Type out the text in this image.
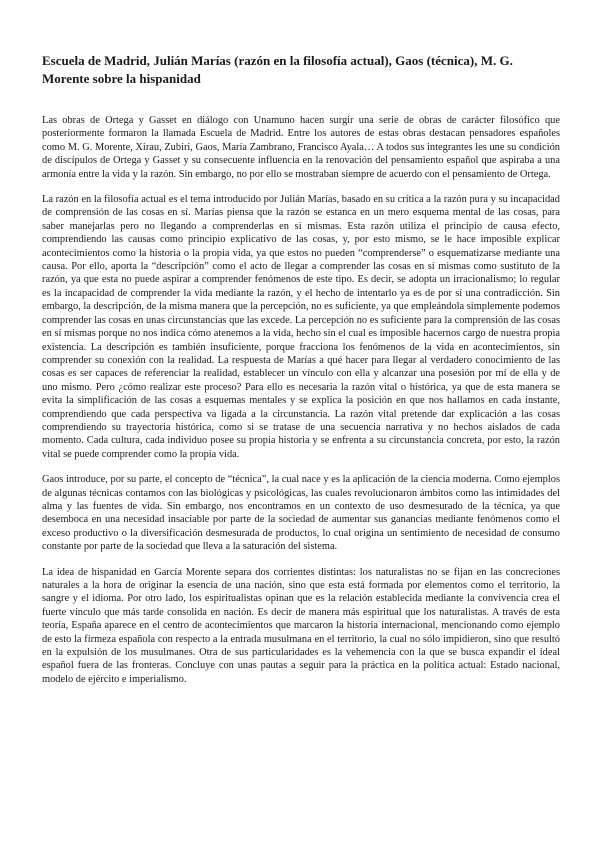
Escuela de Madrid, Julián Marías (razón en la filosofía actual), Gaos (técnica), M. G. Morente sobre la hispanidad

Las obras de Ortega y Gasset en diálogo con Unamuno hacen surgir una serie de obras de carácter filosófico que posteriormente formaron la llamada Escuela de Madrid. Entre los autores de estas obras destacan pensadores españoles como M. G. Morente, Xirau, Zubiri, Gaos, María Zambrano, Francisco Ayala… A todos sus integrantes les une su condición de discípulos de Ortega y Gasset y su consecuente influencia en la renovación del pensamiento español que aspiraba a una armonía entre la vida y la razón. Sin embargo, no por ello se mostraban siempre de acuerdo con el pensamiento de Ortega.

La razón en la filosofía actual es el tema introducido por Julián Marías, basado en su crítica a la razón pura y su incapacidad de comprensión de las cosas en sí. Marías piensa que la razón se estanca en un mero esquema mental de las cosas, para saber manejarlas pero no llegando a comprenderlas en sí mismas. Esta razón utiliza el principio de causa efecto, comprendiendo las causas como principio explicativo de las cosas, y, por esto mismo, se le hace imposible explicar acontecimientos como la historia o la propia vida, ya que estos no pueden “comprenderse” o esquematizarse mediante una causa. Por ello, aporta la “descripción” como el acto de llegar a comprender las cosas en sí mismas como sustituto de la razón, ya que esta no puede aspirar a comprender fenómenos de este tipo. Es decir, se adopta un irracionalismo; lo regular es la incapacidad de comprender la vida mediante la razón, y el hecho de intentarlo ya es de por sí una contradicción. Sin embargo, la descripción, de la misma manera que la percepción, no es suficiente, ya que empleándola simplemente podemos comprender las cosas en unas circunstancias que las excede. La percepción no es suficiente para la comprensión de las cosas en sí mismas porque no nos indica cómo atenemos a la vida, hecho sin el cual es imposible hacernos cargo de nuestra propia existencia. La descripción es también insuficiente, porque fracciona los fenómenos de la vida en acontecimientos, sin comprender su conexión con la realidad. La respuesta de Marías a qué hacer para llegar al verdadero conocimiento de las cosas es ser capaces de referenciar la realidad, establecer un vínculo con ella y alcanzar una posesión por mí de ella y de uno mismo. Pero ¿cómo realizar este proceso? Para ello es necesaria la razón vital o histórica, ya que de esta manera se evita la simplificación de las cosas a esquemas mentales y se explica la posición en que nos hallamos en cada instante, comprendiendo que cada perspectiva va ligada a la circunstancia. La razón vital pretende dar explicación a las cosas comprendiendo su trayectoria histórica, como si se tratase de una secuencia narrativa y no hechos aislados de cada momento. Cada cultura, cada individuo posee su propia historia y se enfrenta a su circunstancia concreta, por esto, la razón vital se puede comprender como la propia vida.

Gaos introduce, por su parte, el concepto de “técnica”, la cual nace y es la aplicación de la ciencia moderna. Como ejemplos de algunas técnicas contamos con las biológicas y psicológicas, las cuales revolucionaron ámbitos como las intimidades del alma y las fuentes de vida. Sin embargo, nos encontramos en un contexto de uso desmesurado de la técnica, ya que desemboca en una necesidad insaciable por parte de la sociedad de aumentar sus ganancias mediante fenómenos como el exceso productivo o la diversificación desmesurada de productos, lo cual origina un sentimiento de necesidad de consumo constante por parte de la sociedad que lleva a la saturación del sistema.

La idea de hispanidad en García Morente separa dos corrientes distintas: los naturalistas no se fijan en las concreciones naturales a la hora de originar la esencia de una nación, sino que esta está formada por elementos como el territorio, la sangre y el idioma. Por otro lado, los espiritualistas opinan que es la relación establecida mediante la convivencia crea el fuerte vínculo que más tarde consolida en nación. Es decir de manera más espiritual que los naturalistas. A través de esta teoría, España aparece en el centro de acontecimientos que marcaron la historia internacional, mencionando como ejemplo de esto la firmeza española con respecto a la entrada musulmana en el territorio, la cual no sólo impidieron, sino que resultó en la expulsión de los musulmanes. Otra de sus particularidades es la vehemencia con la que se busca expandir el ideal español fuera de las fronteras. Concluye con unas pautas a seguir para la práctica en la política actual: Estado nacional, modelo de ejército e imperialismo.
